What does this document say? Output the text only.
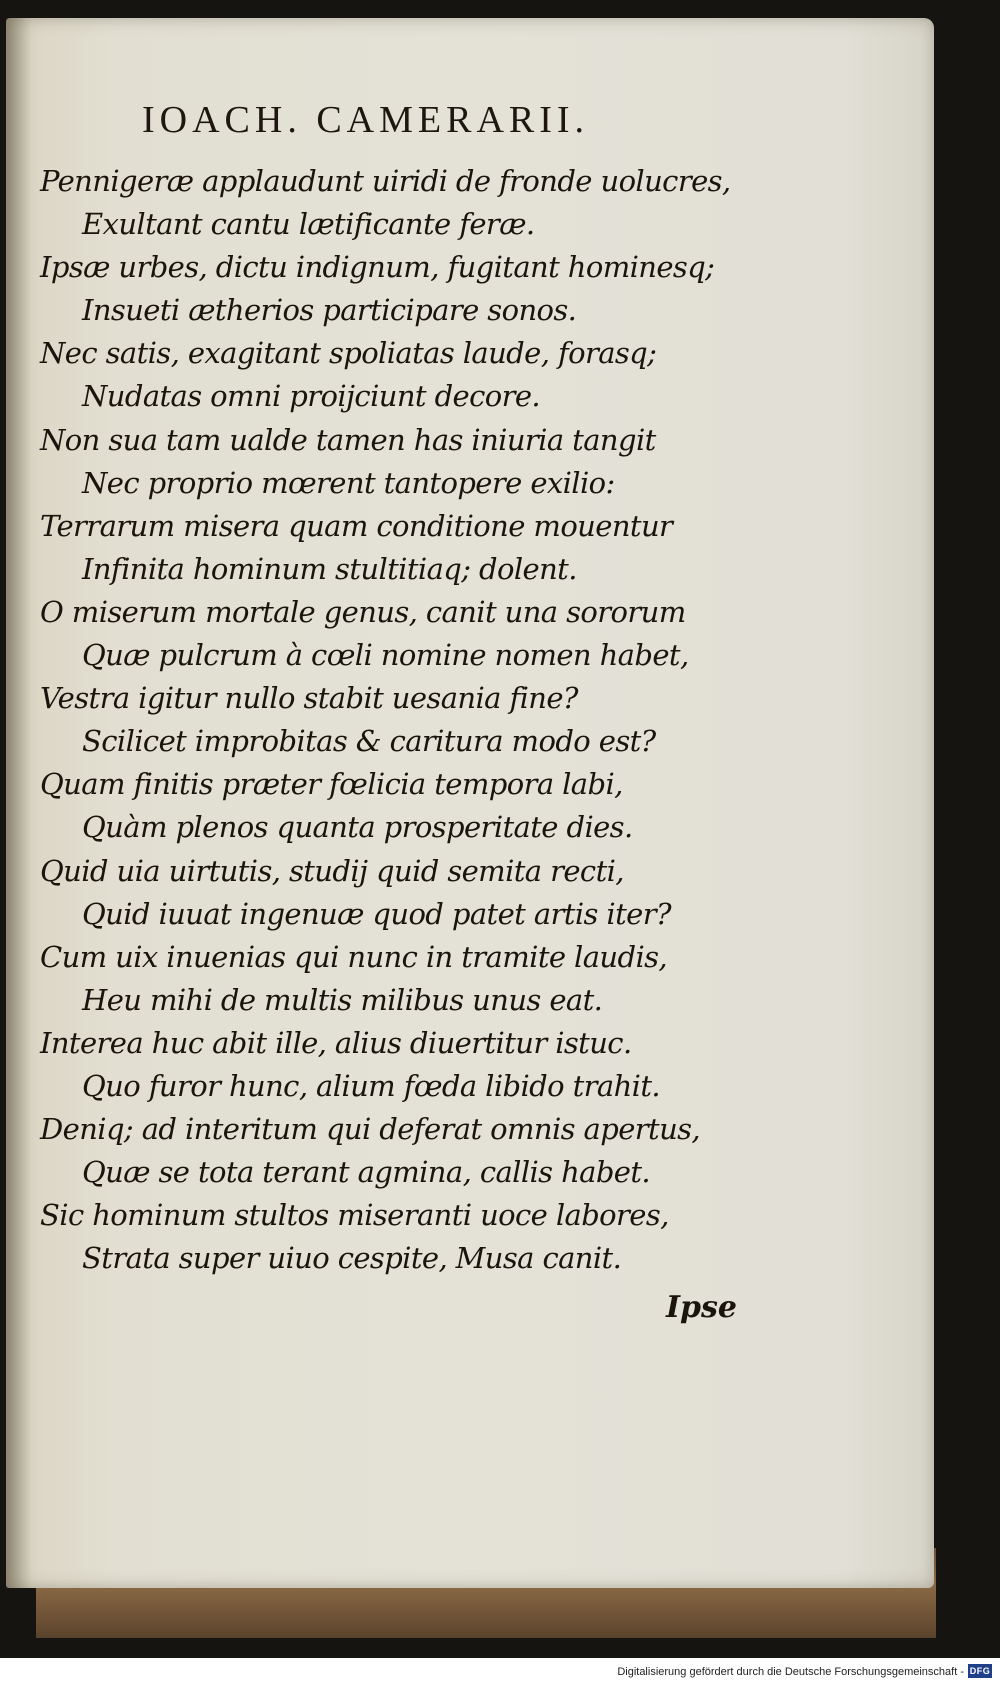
IOACH. CAMERARII.
Pennigeræ applaudunt uiridi de fronde uolucres,
Exultant cantu lætificante feræ.
Ipsæ urbes, dictu indignum, fugitant hominesq;
Insueti ætherios participare sonos.
Nec satis, exagitant spoliatas laude, forasq;
Nudatas omni proijciunt decore.
Non sua tam ualde tamen has iniuria tangit
Nec proprio mœrent tantopere exilio:
Terrarum misera quam conditione mouentur
Infinita hominum stultitiaq; dolent.
O miserum mortale genus, canit una sororum
Quæ pulcrum à cœli nomine nomen habet,
Vestra igitur nullo stabit uesania fine?
Scilicet improbitas & caritura modo est?
Quam finitis præter fœlicia tempora labi,
Quàm plenos quanta prosperitate dies.
Quid uia uirtutis, studij quid semita recti,
Quid iuuat ingenuæ quod patet artis iter?
Cum uix inuenias qui nunc in tramite laudis,
Heu mihi de multis milibus unus eat.
Interea huc abit ille, alius diuertitur istuc.
Quo furor hunc, alium fœda libido trahit.
Deniq; ad interitum qui deferat omnis apertus,
Quæ se tota terant agmina, callis habet.
Sic hominum stultos miseranti uoce labores,
Strata super uiuo cespite, Musa canit.
Ipse
Digitalisierung gefördert durch die Deutsche Forschungsgemeinschaft - DFG
